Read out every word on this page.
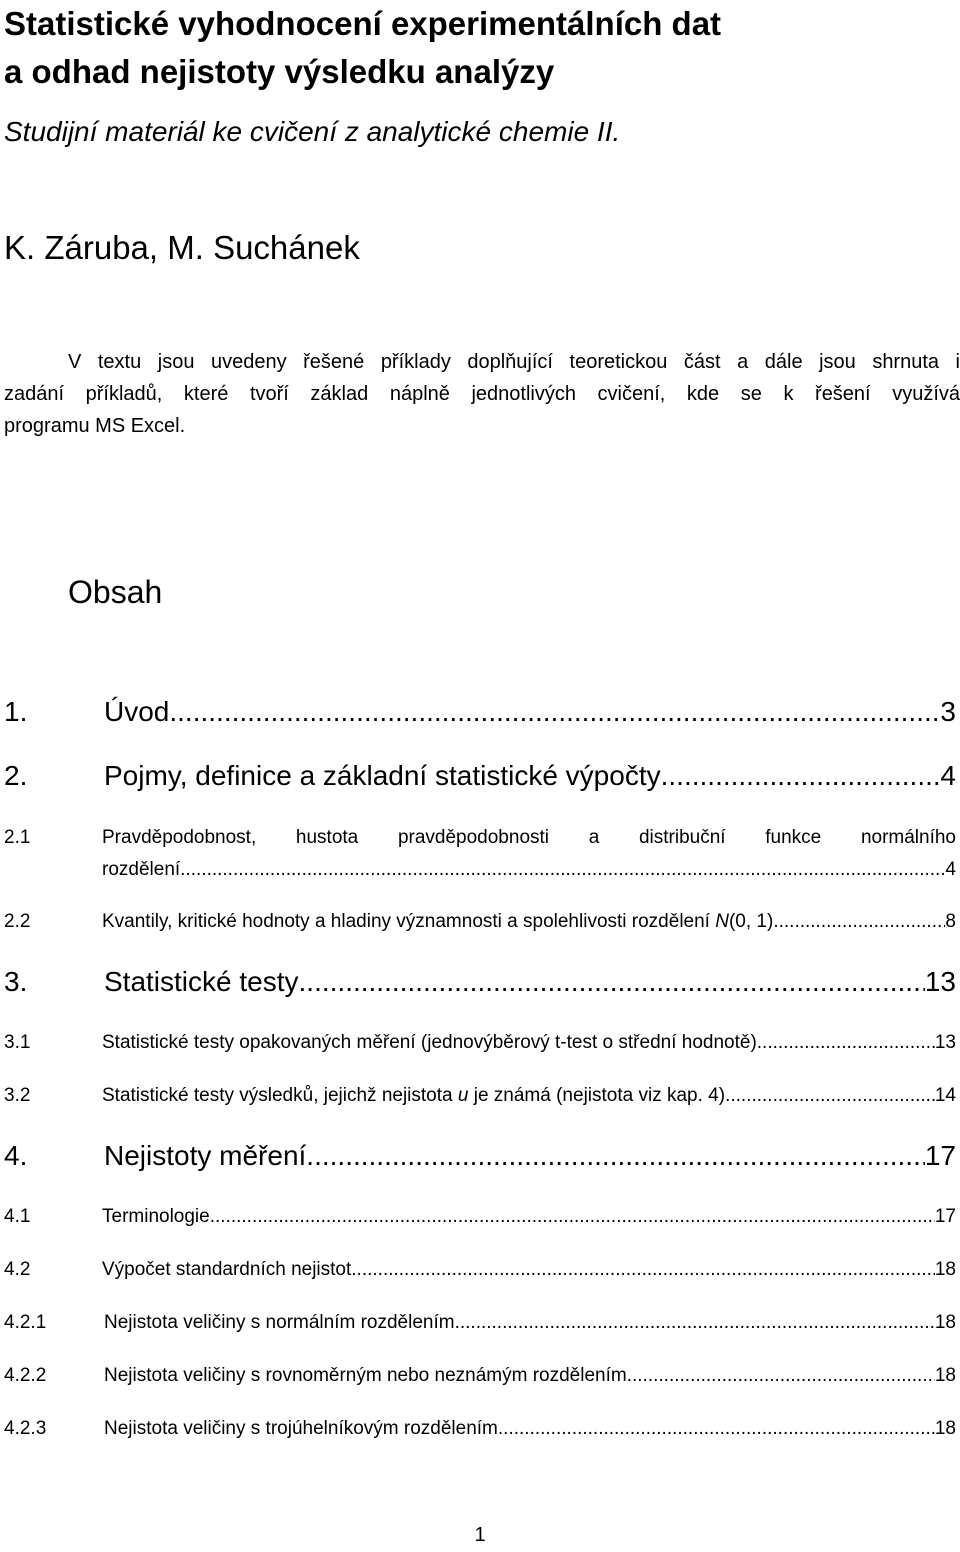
Statistické vyhodnocení experimentálních dat
a odhad nejistoty výsledku analýzy
Studijní materiál ke cvičení z analytické chemie II.
K. Záruba, M. Suchánek
V textu jsou uvedeny řešené příklady doplňující teoretickou část a dále jsou shrnuta i
zadání příkladů, které tvoří základ náplně jednotlivých cvičení, kde se k řešení využívá
programu MS Excel.
Obsah
1.	Úvod .....	3
2.	Pojmy, definice a základní statistické výpočty .....	4
2.1	Pravděpodobnost, hustota pravděpodobnosti a distribuční funkce normálního
rozdělení .....	4
2.2	Kvantily, kritické hodnoty a hladiny významnosti a spolehlivosti rozdělení N(0, 1) .....	8
3.	Statistické testy .....	13
3.1	Statistické testy opakovaných měření (jednovýběrový t-test o střední hodnotě) .....	13
3.2	Statistické testy výsledků, jejichž nejistota u je známá (nejistota viz kap. 4) .....	14
4.	Nejistoty měření .....	17
4.1	Terminologie .....	17
4.2	Výpočet standardních nejistot .....	18
4.2.1	Nejistota veličiny s normálním rozdělením .....	18
4.2.2	Nejistota veličiny s rovnoměrným nebo neznámým rozdělením .....	18
4.2.3	Nejistota veličiny s trojúhelníkovým rozdělením .....	18
1
